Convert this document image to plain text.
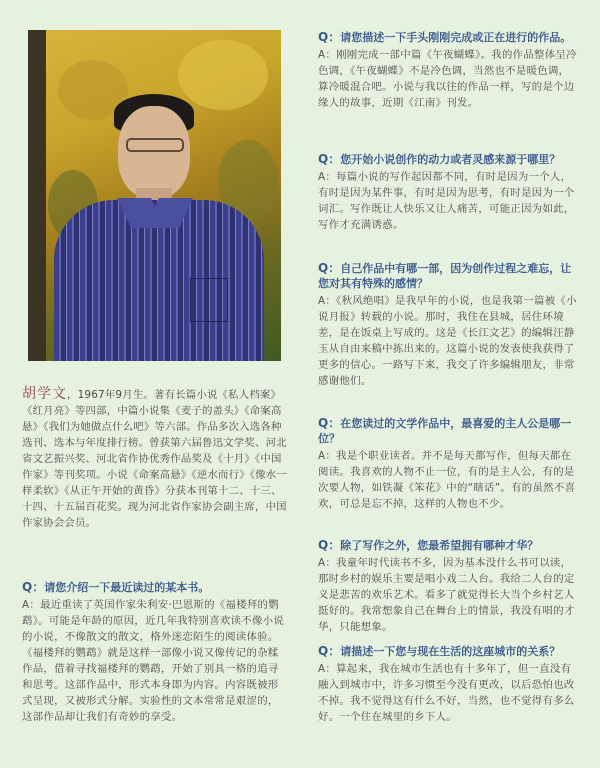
胡学文，1967年9月生。著有长篇小说《私人档案》《红月亮》等四部，中篇小说集《麦子的盖头》《命案高悬》《我们为她做点什么吧》等六部。作品多次入选各种选刊、选本与年度排行榜。曾获第六届鲁迅文学奖、河北省文艺振兴奖、河北省作协优秀作品奖及《十月》《中国作家》等刊奖项。小说《命案高悬》《逆水而行》《像水一样柔软》《从正午开始的黄昏》分获本刊第十二、十三、十四、十五届百花奖。现为河北省作家协会副主席，中国作家协会会员。

Q：请您介绍一下最近读过的某本书。

A：最近重读了英国作家朱利安·巴恩斯的《福楼拜的鹦鹉》。可能是年龄的原因，近几年我特别喜欢读不像小说的小说，不像散文的散文，格外迷恋陌生的阅读体验。《福楼拜的鹦鹉》就是这样一部像小说又像传记的杂糅作品，借着寻找福楼拜的鹦鹉，开始了别具一格的追寻和思考。这部作品中，形式本身即为内容。内容既被形式呈现，又被形式分解。实验性的文本常常是艰涩的，这部作品却让我们有奇妙的享受。

Q：请您描述一下手头刚刚完成或正在进行的作品。

A：刚刚完成一部中篇《午夜蝴蝶》。我的作品整体呈冷色调，《午夜蝴蝶》不是冷色调，当然也不是暖色调，算冷暖混合吧。小说与我以往的作品一样，写的是个边缘人的故事，近期《江南》刊发。

Q：您开始小说创作的动力或者灵感来源于哪里？

A：每篇小说的写作起因都不同，有时是因为一个人，有时是因为某件事，有时是因为思考，有时是因为一个词汇。写作既让人快乐又让人痛苦，可能正因为如此，写作才充满诱惑。

Q：自己作品中有哪一部，因为创作过程之难忘，让您对其有特殊的感情？

A：《秋风绝唱》是我早年的小说，也是我第一篇被《小说月报》转载的小说。那时，我住在县城，居住环境差，是在饭桌上写成的。这是《长江文艺》的编辑汪静玉从自由来稿中拣出来的。这篇小说的发表使我获得了更多的信心。一路写下来，我交了许多编辑朋友，非常感谢他们。

Q：在您读过的文学作品中，最喜爱的主人公是哪一位？

A：我是个职业读者。并不是每天都写作，但每天都在阅读。我喜欢的人物不止一位，有的是主人公，有的是次要人物，如铁凝《笨花》中的“瞎话”。有的虽然不喜欢，可总是忘不掉，这样的人物也不少。

Q：除了写作之外，您最希望拥有哪种才华？

A：我童年时代读书不多，因为基本没什么书可以读，那时乡村的娱乐主要是唱小戏二人台。我给二人台的定义是悲苦的欢乐艺术。看多了就觉得长大当个乡村艺人挺好的。我常想象自己在舞台上的情景，我没有唱的才华，只能想象。

Q：请描述一下您与现在生活的这座城市的关系？

A：算起来，我在城市生活也有十多年了，但一直没有融入到城市中，许多习惯至今没有更改，以后恐怕也改不掉。我不觉得这有什么不好，当然，也不觉得有多么好。一个住在城里的乡下人。
